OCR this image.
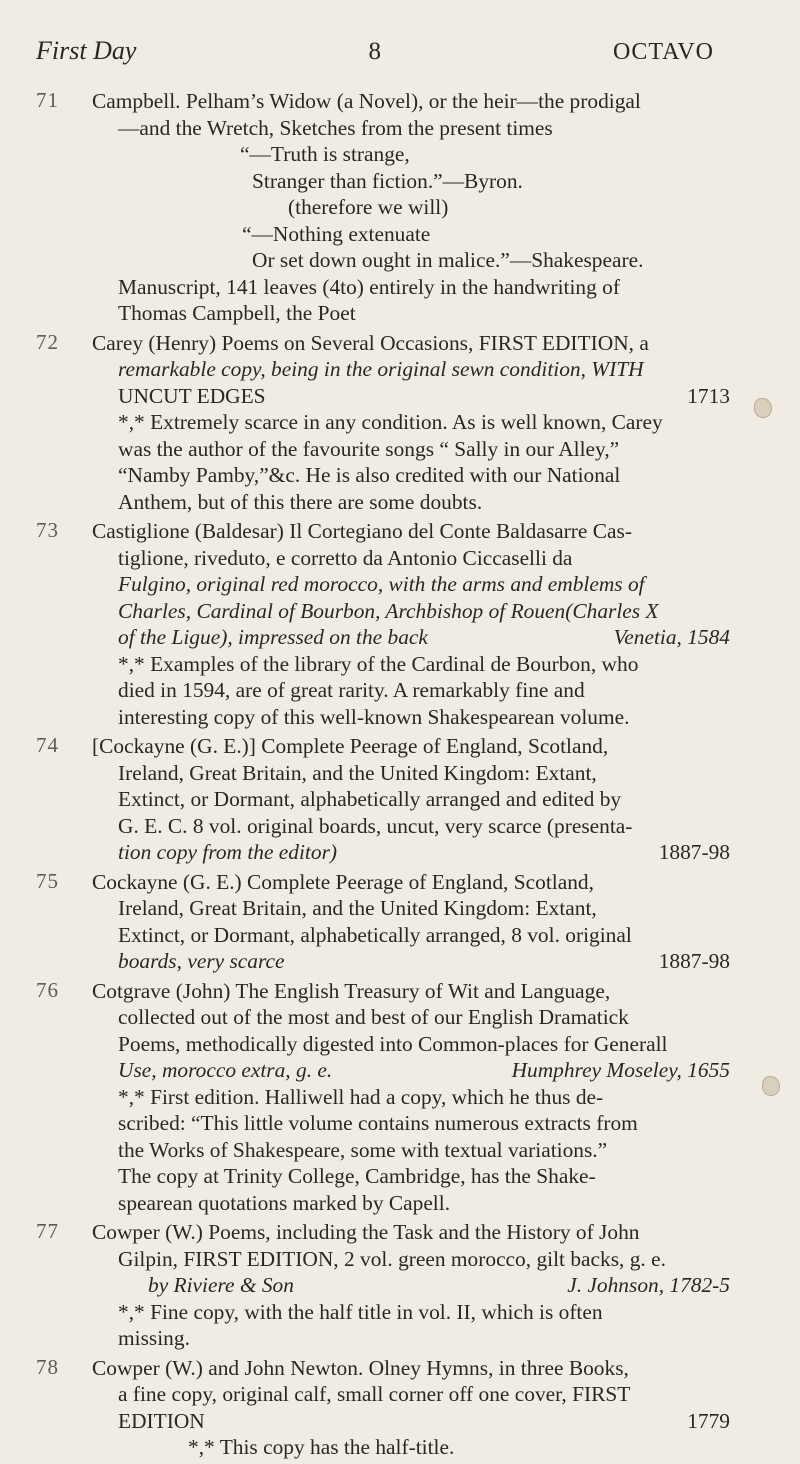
First Day	8	OCTAVO
71 Campbell. Pelham’s Widow (a Novel), or the heir—the prodigal
—and the Wretch, Sketches from the present times
“—Truth is strange,
Stranger than fiction.”—Byron.
(therefore we will)
“—Nothing extenuate
Or set down ought in malice.”—Shakespeare.
Manuscript, 141 leaves (4to) entirely in the handwriting of
Thomas Campbell, the Poet
72 Carey (Henry) Poems on Several Occasions, FIRST EDITION, a
remarkable copy, being in the original sewn condition, WITH
UNCUT EDGES	1713
*,* Extremely scarce in any condition. As is well known, Carey
was the author of the favourite songs “ Sally in our Alley,”
“Namby Pamby,”&c. He is also credited with our National
Anthem, but of this there are some doubts.
73 Castiglione (Baldesar) Il Cortegiano del Conte Baldasarre Cas-
tiglione, riveduto, e corretto da Antonio Ciccaselli da
Fulgino, original red morocco, with the arms and emblems of
Charles, Cardinal of Bourbon, Archbishop of Rouen(Charles X
of the Ligue), impressed on the back	Venetia, 1584
*,* Examples of the library of the Cardinal de Bourbon, who
died in 1594, are of great rarity. A remarkably fine and
interesting copy of this well-known Shakespearean volume.
74 [Cockayne (G. E.)] Complete Peerage of England, Scotland,
Ireland, Great Britain, and the United Kingdom: Extant,
Extinct, or Dormant, alphabetically arranged and edited by
G. E. C. 8 vol. original boards, uncut, very scarce (presenta-
tion copy from the editor)	1887-98
75 Cockayne (G. E.) Complete Peerage of England, Scotland,
Ireland, Great Britain, and the United Kingdom: Extant,
Extinct, or Dormant, alphabetically arranged, 8 vol. original
boards, very scarce	1887-98
76 Cotgrave (John) The English Treasury of Wit and Language,
collected out of the most and best of our English Dramatick
Poems, methodically digested into Common-places for Generall
Use, morocco extra, g. e.	Humphrey Moseley, 1655
*,* First edition. Halliwell had a copy, which he thus de-
scribed: “This little volume contains numerous extracts from
the Works of Shakespeare, some with textual variations.”
The copy at Trinity College, Cambridge, has the Shake-
spearean quotations marked by Capell.
77 Cowper (W.) Poems, including the Task and the History of John
Gilpin, FIRST EDITION, 2 vol. green morocco, gilt backs, g. e.
by Riviere & Son	J. Johnson, 1782-5
*,* Fine copy, with the half title in vol. II, which is often
missing.
78 Cowper (W.) and John Newton. Olney Hymns, in three Books,
a fine copy, original calf, small corner off one cover, FIRST
EDITION	1779
*,* This copy has the half-title.
